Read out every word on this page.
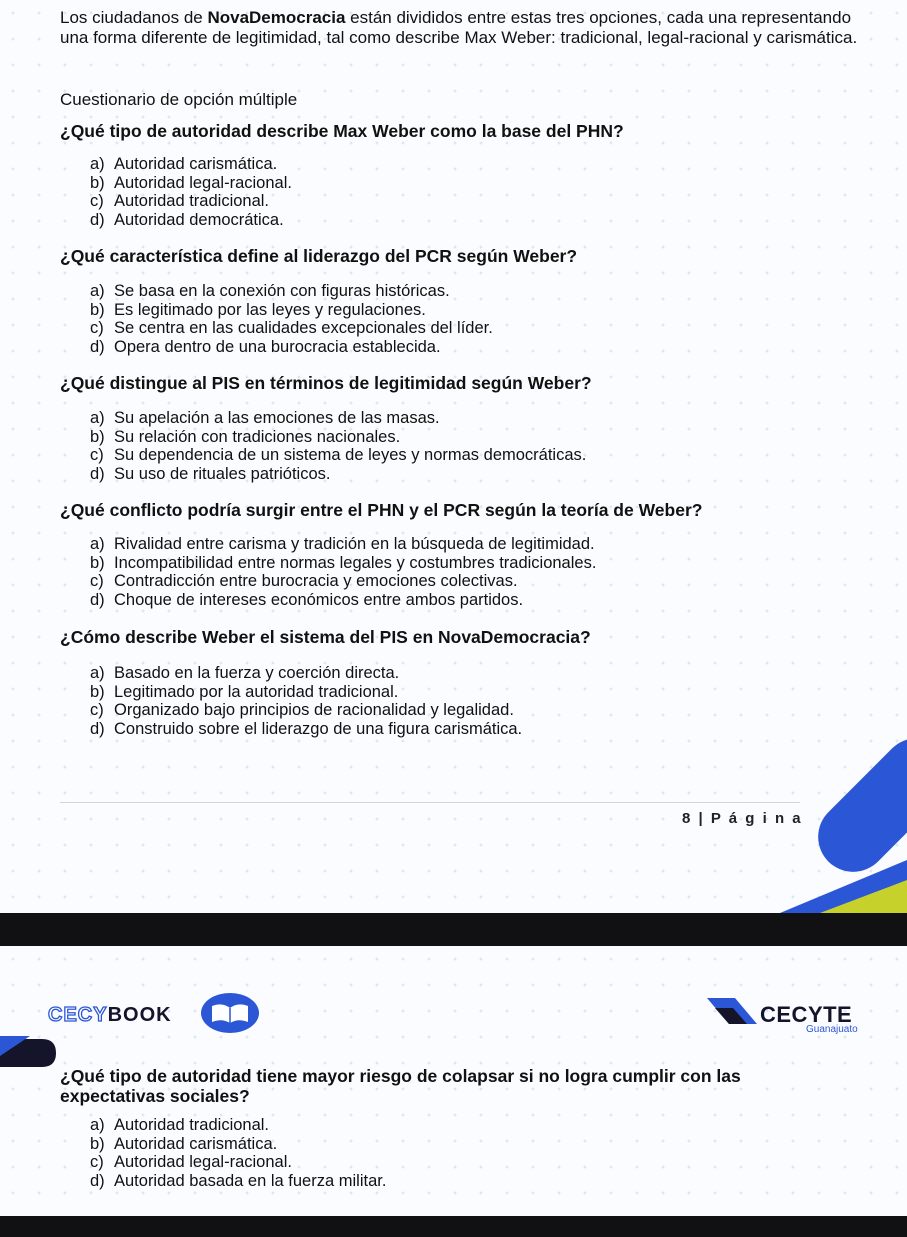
Los ciudadanos de NovaDemocracia están divididos entre estas tres opciones, cada una representando una forma diferente de legitimidad, tal como describe Max Weber: tradicional, legal-racional y carismática.
Cuestionario de opción múltiple
¿Qué tipo de autoridad describe Max Weber como la base del PHN?
a) Autoridad carismática.
b) Autoridad legal-racional.
c) Autoridad tradicional.
d) Autoridad democrática.
¿Qué característica define al liderazgo del PCR según Weber?
a) Se basa en la conexión con figuras históricas.
b) Es legitimado por las leyes y regulaciones.
c) Se centra en las cualidades excepcionales del líder.
d) Opera dentro de una burocracia establecida.
¿Qué distingue al PIS en términos de legitimidad según Weber?
a) Su apelación a las emociones de las masas.
b) Su relación con tradiciones nacionales.
c) Su dependencia de un sistema de leyes y normas democráticas.
d) Su uso de rituales patrióticos.
¿Qué conflicto podría surgir entre el PHN y el PCR según la teoría de Weber?
a) Rivalidad entre carisma y tradición en la búsqueda de legitimidad.
b) Incompatibilidad entre normas legales y costumbres tradicionales.
c) Contradicción entre burocracia y emociones colectivas.
d) Choque de intereses económicos entre ambos partidos.
¿Cómo describe Weber el sistema del PIS en NovaDemocracia?
a) Basado en la fuerza y coerción directa.
b) Legitimado por la autoridad tradicional.
c) Organizado bajo principios de racionalidad y legalidad.
d) Construido sobre el liderazgo de una figura carismática.
8 | P á g i n a
CECYBOOK	CECYTE
Guanajuato
¿Qué tipo de autoridad tiene mayor riesgo de colapsar si no logra cumplir con las expectativas sociales?
a) Autoridad tradicional.
b) Autoridad carismática.
c) Autoridad legal-racional.
d) Autoridad basada en la fuerza militar.
